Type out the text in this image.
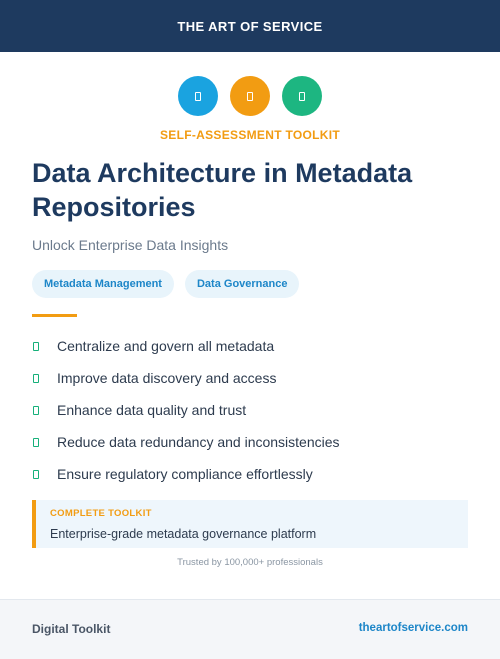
THE ART OF SERVICE
SELF-ASSESSMENT TOOLKIT
Data Architecture in Metadata Repositories
Unlock Enterprise Data Insights
Metadata Management	Data Governance
Centralize and govern all metadata
Improve data discovery and access
Enhance data quality and trust
Reduce data redundancy and inconsistencies
Ensure regulatory compliance effortlessly
COMPLETE TOOLKIT
Enterprise-grade metadata governance platform
Trusted by 100,000+ professionals
Digital Toolkit	theartofservice.com
